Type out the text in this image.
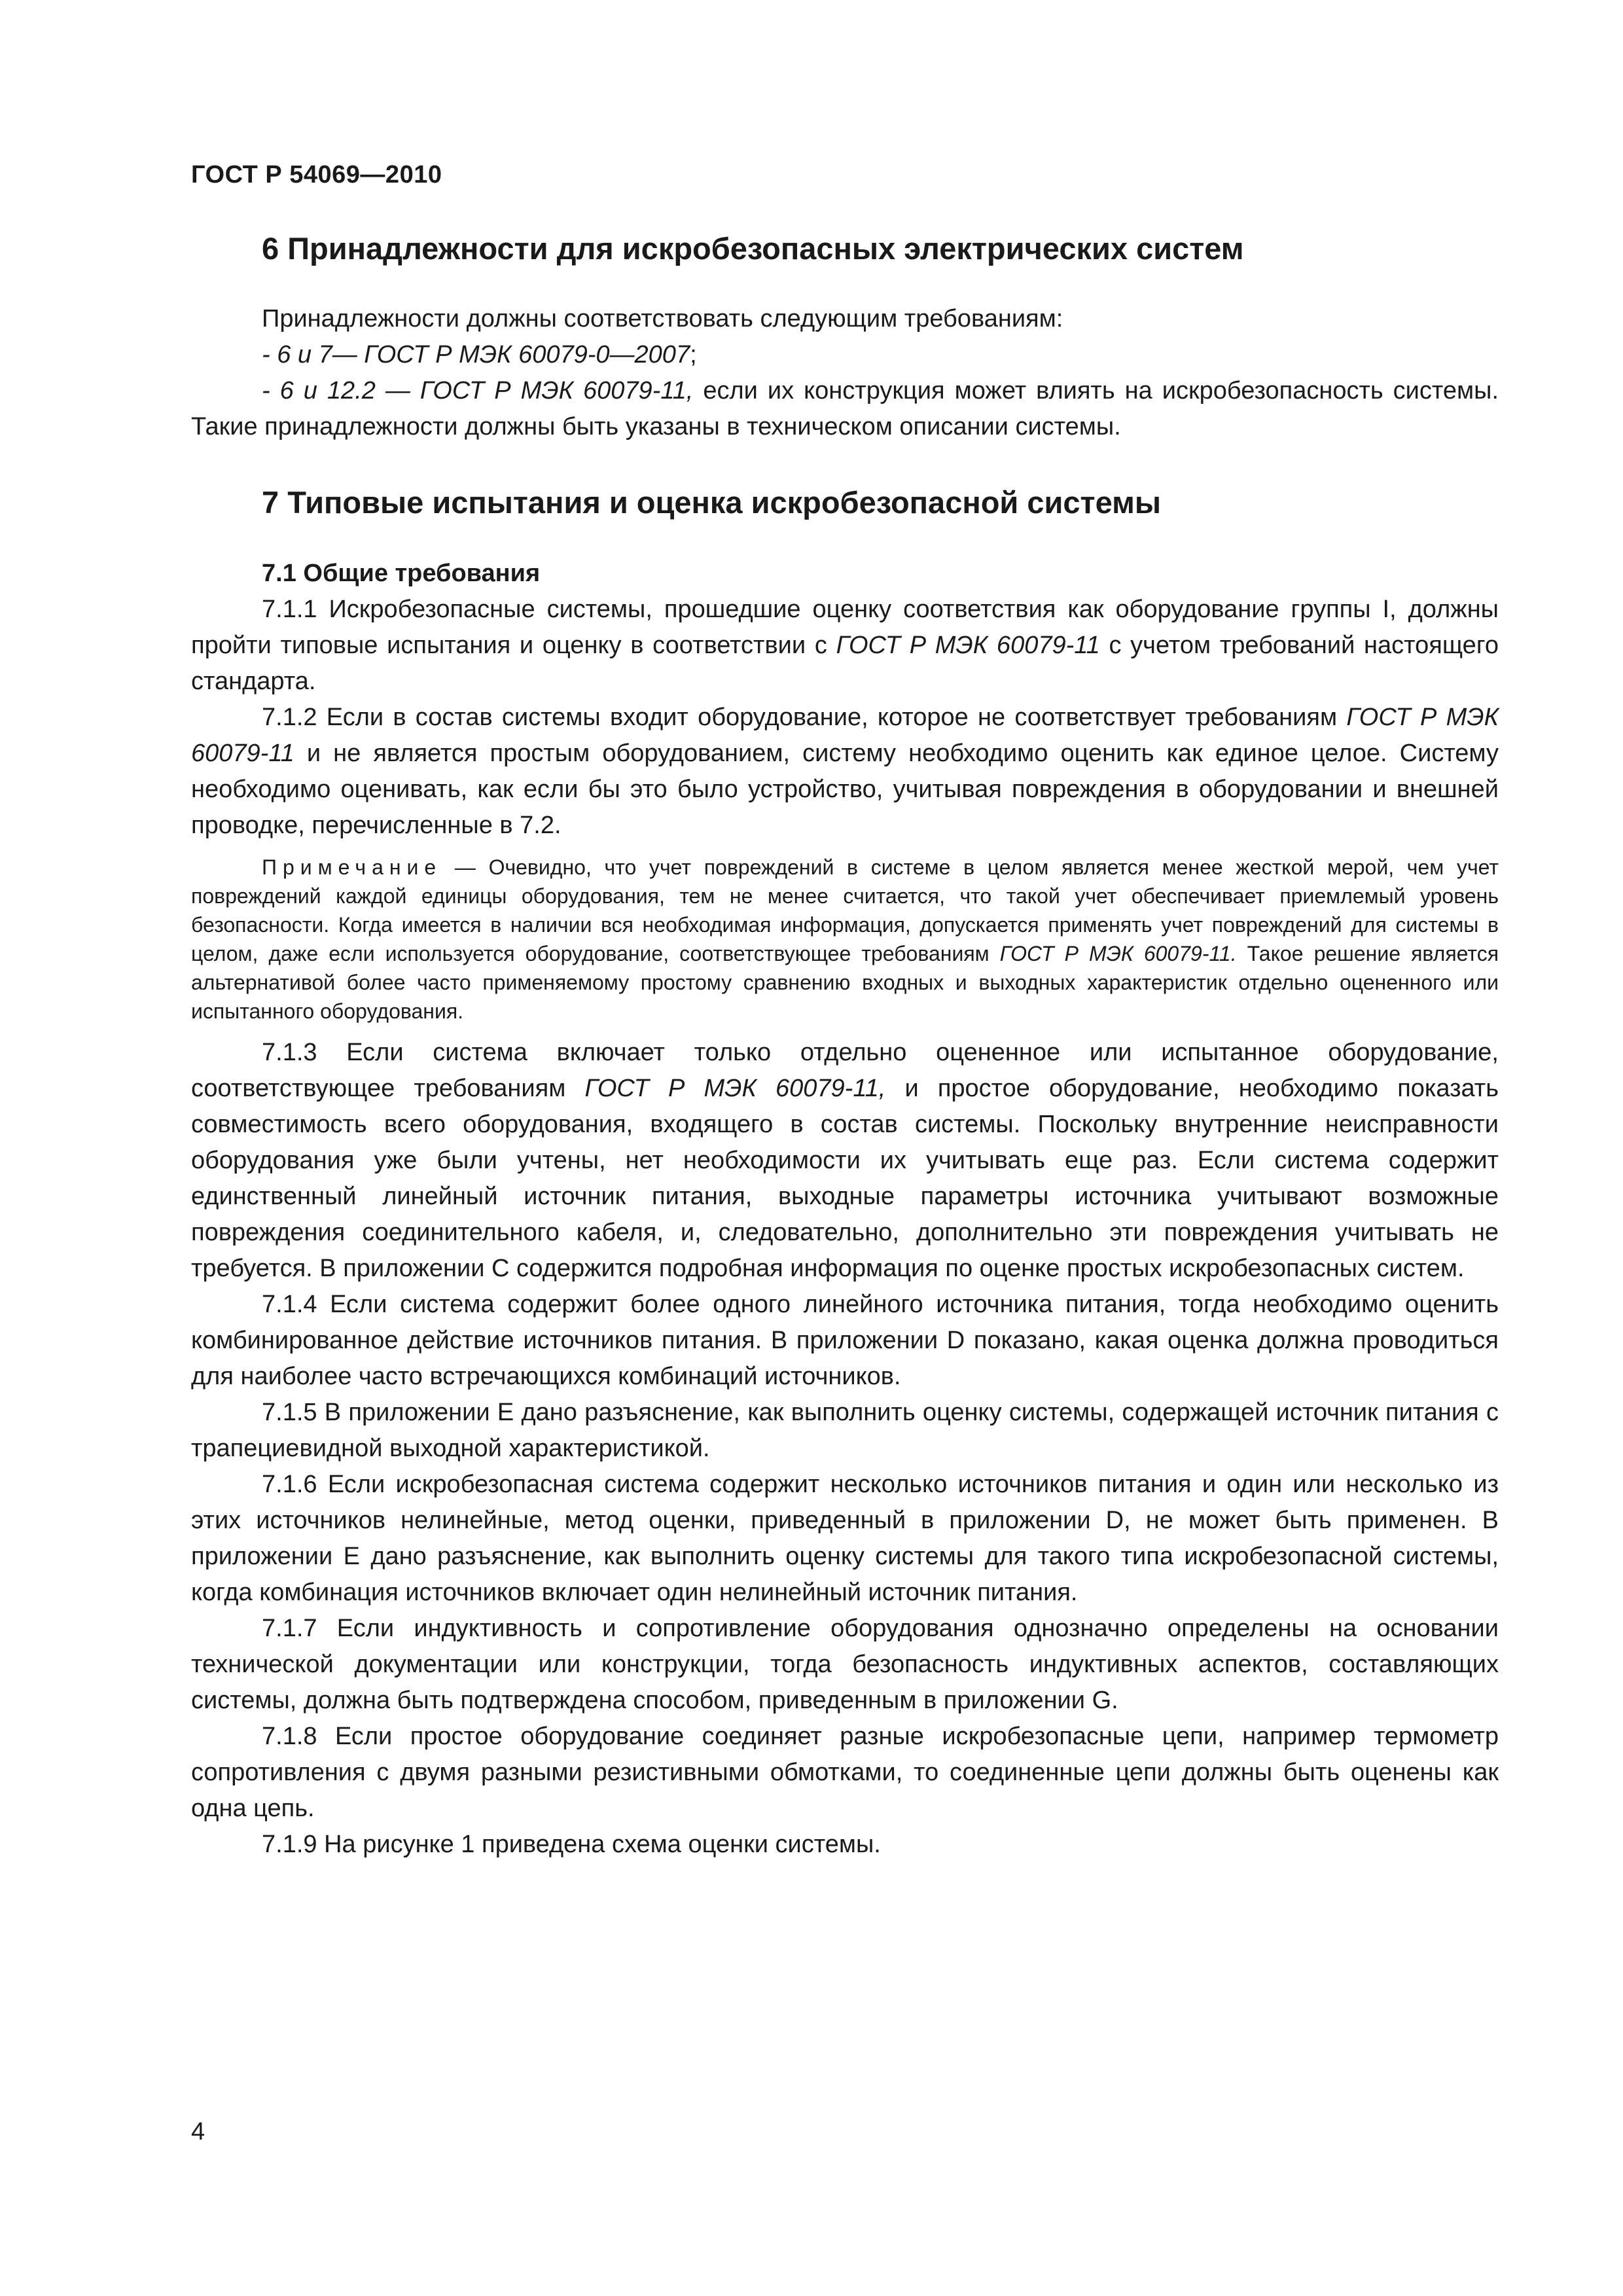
ГОСТ Р 54069—2010
6 Принадлежности для искробезопасных электрических систем

Принадлежности должны соответствовать следующим требованиям:

- 6 и 7— ГОСТ Р МЭК 60079-0—2007;

- 6 и 12.2 — ГОСТ Р МЭК 60079-11, если их конструкция может влиять на искробезопасность системы. Такие принадлежности должны быть указаны в техническом описании системы.

7 Типовые испытания и оценка искробезопасной системы
7.1 Общие требования

7.1.1 Искробезопасные системы, прошедшие оценку соответствия как оборудование группы I, должны пройти типовые испытания и оценку в соответствии с ГОСТ Р МЭК 60079-11 с учетом требований настоящего стандарта.

7.1.2 Если в состав системы входит оборудование, которое не соответствует требованиям ГОСТ Р МЭК 60079-11 и не является простым оборудованием, систему необходимо оценить как единое целое. Систему необходимо оценивать, как если бы это было устройство, учитывая повреждения в оборудовании и внешней проводке, перечисленные в 7.2.

Примечание — Очевидно, что учет повреждений в системе в целом является менее жесткой мерой, чем учет повреждений каждой единицы оборудования, тем не менее считается, что такой учет обеспечивает приемлемый уровень безопасности. Когда имеется в наличии вся необходимая информация, допускается применять учет повреждений для системы в целом, даже если используется оборудование, соответствующее требованиям ГОСТ Р МЭК 60079-11. Такое решение является альтернативой более часто применяемому простому сравнению входных и выходных характеристик отдельно оцененного или испытанного оборудования.

7.1.3 Если система включает только отдельно оцененное или испытанное оборудование, соответствующее требованиям ГОСТ Р МЭК 60079-11, и простое оборудование, необходимо показать совместимость всего оборудования, входящего в состав системы. Поскольку внутренние неисправности оборудования уже были учтены, нет необходимости их учитывать еще раз. Если система содержит единственный линейный источник питания, выходные параметры источника учитывают возможные повреждения соединительного кабеля, и, следовательно, дополнительно эти повреждения учитывать не требуется. В приложении С содержится подробная информация по оценке простых искробезопасных систем.

7.1.4 Если система содержит более одного линейного источника питания, тогда необходимо оценить комбинированное действие источников питания. В приложении D показано, какая оценка должна проводиться для наиболее часто встречающихся комбинаций источников.

7.1.5 В приложении Е дано разъяснение, как выполнить оценку системы, содержащей источник питания с трапециевидной выходной характеристикой.

7.1.6 Если искробезопасная система содержит несколько источников питания и один или несколько из этих источников нелинейные, метод оценки, приведенный в приложении D, не может быть применен. В приложении Е дано разъяснение, как выполнить оценку системы для такого типа искробезопасной системы, когда комбинация источников включает один нелинейный источник питания.

7.1.7 Если индуктивность и сопротивление оборудования однозначно определены на основании технической документации или конструкции, тогда безопасность индуктивных аспектов, составляющих системы, должна быть подтверждена способом, приведенным в приложении G.

7.1.8 Если простое оборудование соединяет разные искробезопасные цепи, например термометр сопротивления с двумя разными резистивными обмотками, то соединенные цепи должны быть оценены как одна цепь.

7.1.9 На рисунке 1 приведена схема оценки системы.

4
